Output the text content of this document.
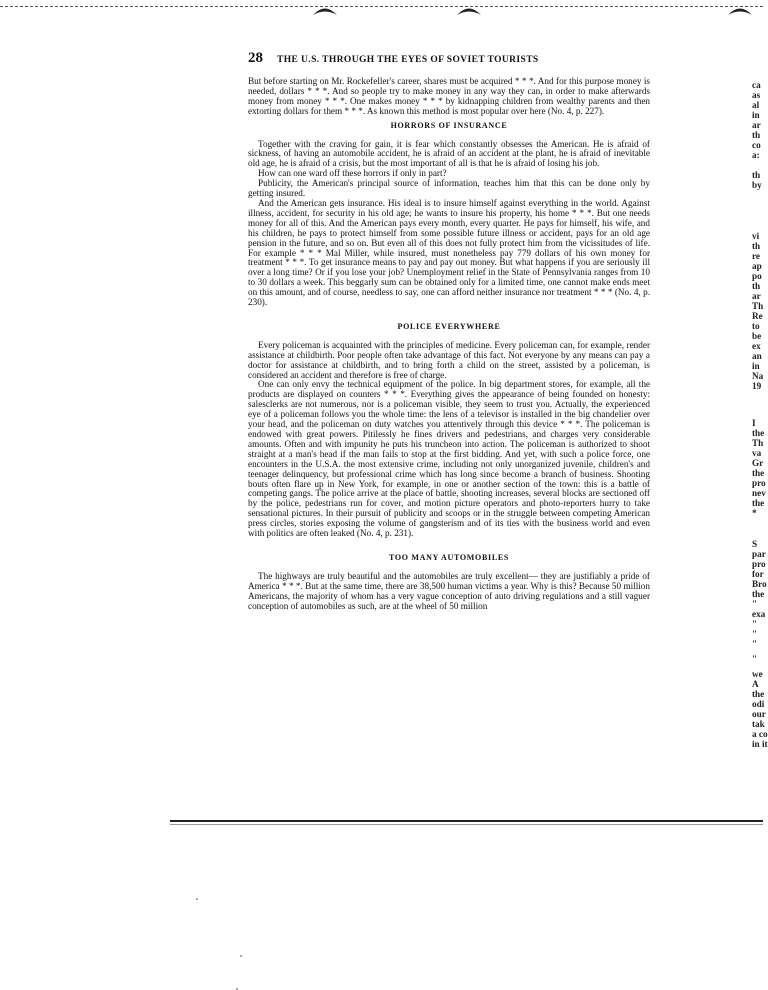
28 THE U.S. THROUGH THE EYES OF SOVIET TOURISTS

But before starting on Mr. Rockefeller's career, shares must be acquired * * *. And for this purpose money is needed, dollars * * *. And so people try to make money in any way they can, in order to make afterwards money from money * * *. One makes money * * * by kidnapping children from wealthy parents and then extorting dollars for them * * *. As known this method is most popular over here (No. 4, p. 227).

HORRORS OF INSURANCE

Together with the craving for gain, it is fear which constantly obsesses the American. He is afraid of sickness, of having an automobile accident, he is afraid of an accident at the plant, he is afraid of inevitable old age, he is afraid of a crisis, but the most important of all is that he is afraid of losing his job.

How can one ward off these horrors if only in part?

Publicity, the American's principal source of information, teaches him that this can be done only by getting insured.

And the American gets insurance. His ideal is to insure himself against everything in the world. Against illness, accident, for security in his old age; he wants to insure his property, his home * * *. But one needs money for all of this. And the American pays every month, every quarter. He pays for himself, his wife, and his children, he pays to protect himself from some possible future illness or accident, pays for an old age pension in the future, and so on. But even all of this does not fully protect him from the vicissitudes of life. For example * * * Mal Miller, while insured, must nonetheless pay 779 dollars of his own money for treatment * * *. To get insurance means to pay and pay out money. But what happens if you are seriously ill over a long time? Or if you lose your job? Unemployment relief in the State of Pennsylvania ranges from 10 to 30 dollars a week. This beggarly sum can be obtained only for a limited time, one cannot make ends meet on this amount, and of course, needless to say, one can afford neither insurance nor treatment * * * (No. 4, p. 230).

POLICE EVERYWHERE

Every policeman is acquainted with the principles of medicine. Every policeman can, for example, render assistance at childbirth. Poor people often take advantage of this fact. Not everyone by any means can pay a doctor for assistance at childbirth, and to bring forth a child on the street, assisted by a policeman, is considered an accident and therefore is free of charge.

One can only envy the technical equipment of the police. In big department stores, for example, all the products are displayed on counters * * *. Everything gives the appearance of being founded on honesty: salesclerks are not numerous, nor is a policeman visible, they seem to trust you. Actually, the experienced eye of a policeman follows you the whole time: the lens of a televisor is installed in the big chandelier over your head, and the policeman on duty watches you attentively through this device * * *. The policeman is endowed with great powers. Pitilessly he fines drivers and pedestrians, and charges very considerable amounts. Often and with impunity he puts his truncheon into action. The policeman is authorized to shoot straight at a man's head if the man fails to stop at the first bidding. And yet, with such a police force, one encounters in the U.S.A. the most extensive crime, including not only unorganized juvenile, children's and teenager delinquency, but professional crime which has long since become a branch of business. Shooting bouts often flare up in New York, for example, in one or another section of the town: this is a battle of competing gangs. The police arrive at the place of battle, shooting increases, several blocks are sectioned off by the police, pedestrians run for cover, and motion picture operators and photo-reporters hurry to take sensational pictures. In their pursuit of publicity and scoops or in the struggle between competing American press circles, stories exposing the volume of gangsterism and of its ties with the business world and even with politics are often leaked (No. 4, p. 231).

TOO MANY AUTOMOBILES

The highways are truly beautiful and the automobiles are truly excellent— they are justifiably a pride of America * * *. But at the same time, there are 38,500 human victims a year. Why is this? Because 50 million Americans, the majority of whom has a very vague conception of auto driving regulations and a still vaguer conception of automobiles as such, are at the wheel of 50 million

ca
as
al
in
ar
th
co
a:
th
by
vi
th
re
ap
po
th
ar
Th
Re
to
be
ex
an
in
Na
19
I
the
Th
va
Gr
the
pro
nev
the
*
S
par
pro
for
Bro
the
"
exa
"
"
"
"
we
A
the
odi
our
tak
a co
in it
